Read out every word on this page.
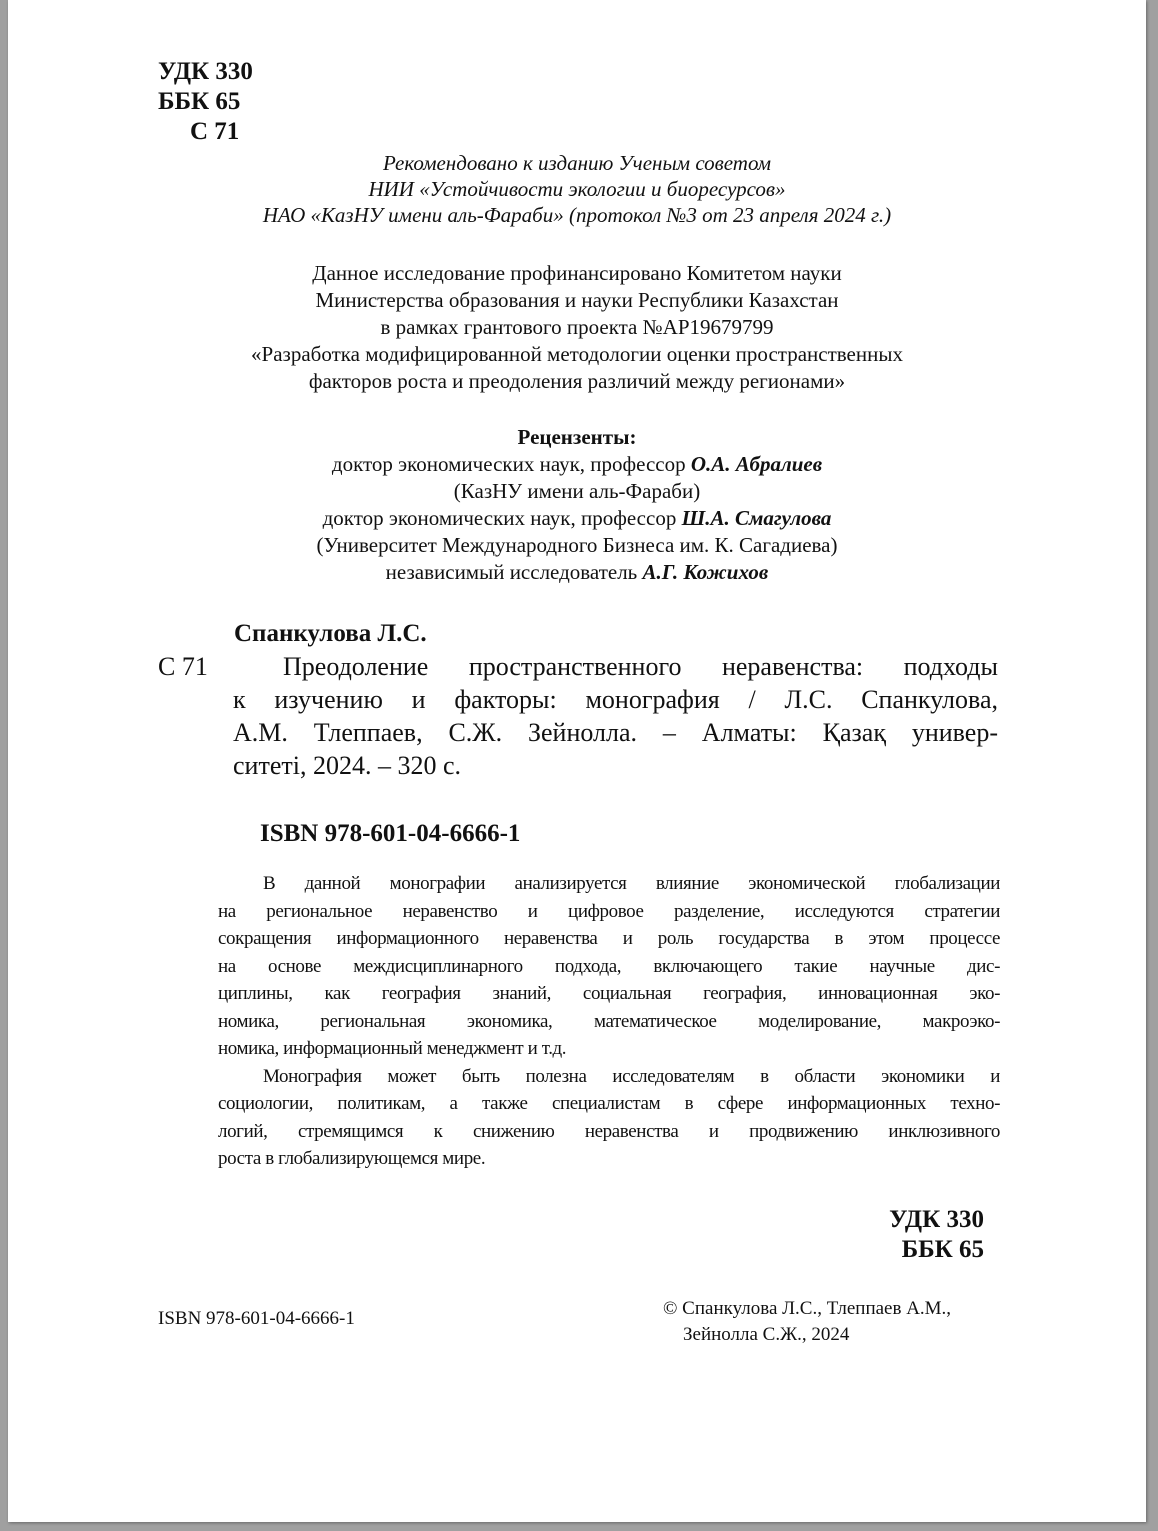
УДК 330
ББК 65
С 71
Рекомендовано к изданию Ученым советом
НИИ «Устойчивости экологии и биоресурсов»
НАО «КазНУ имени аль-Фараби» (протокол №3 от 23 апреля 2024 г.)
Данное исследование профинансировано Комитетом науки
Министерства образования и науки Республики Казахстан
в рамках грантового проекта №AP19679799
«Разработка модифицированной методологии оценки пространственных
факторов роста и преодоления различий между регионами»
Рецензенты:
доктор экономических наук, профессор О.А. Абралиев
(КазНУ имени аль-Фараби)
доктор экономических наук, профессор Ш.А. Смагулова
(Университет Международного Бизнеса им. К. Сагадиева)
независимый исследователь А.Г. Кожихов
Спанкулова Л.С.
С 71	Преодоление пространственного неравенства: подходы
к изучению и факторы: монография / Л.С. Спанкулова,
А.М. Тлеппаев, С.Ж. Зейнолла. – Алматы: Қазақ универ-
ситеті, 2024. – 320 с.
ISBN 978-601-04-6666-1
В данной монографии анализируется влияние экономической глобализации
на региональное неравенство и цифровое разделение, исследуются стратегии
сокращения информационного неравенства и роль государства в этом процессе
на основе междисциплинарного подхода, включающего такие научные дис-
циплины, как география знаний, социальная география, инновационная эко-
номика, региональная экономика, математическое моделирование, макроэко-
номика, информационный менеджмент и т.д.
Монография может быть полезна исследователям в области экономики и
социологии, политикам, а также специалистам в сфере информационных техно-
логий, стремящимся к снижению неравенства и продвижению инклюзивного
роста в глобализирующемся мире.
УДК 330
ББК 65
ISBN 978-601-04-6666-1	© Спанкулова Л.С., Тлеппаев А.М.,
Зейнолла С.Ж., 2024
